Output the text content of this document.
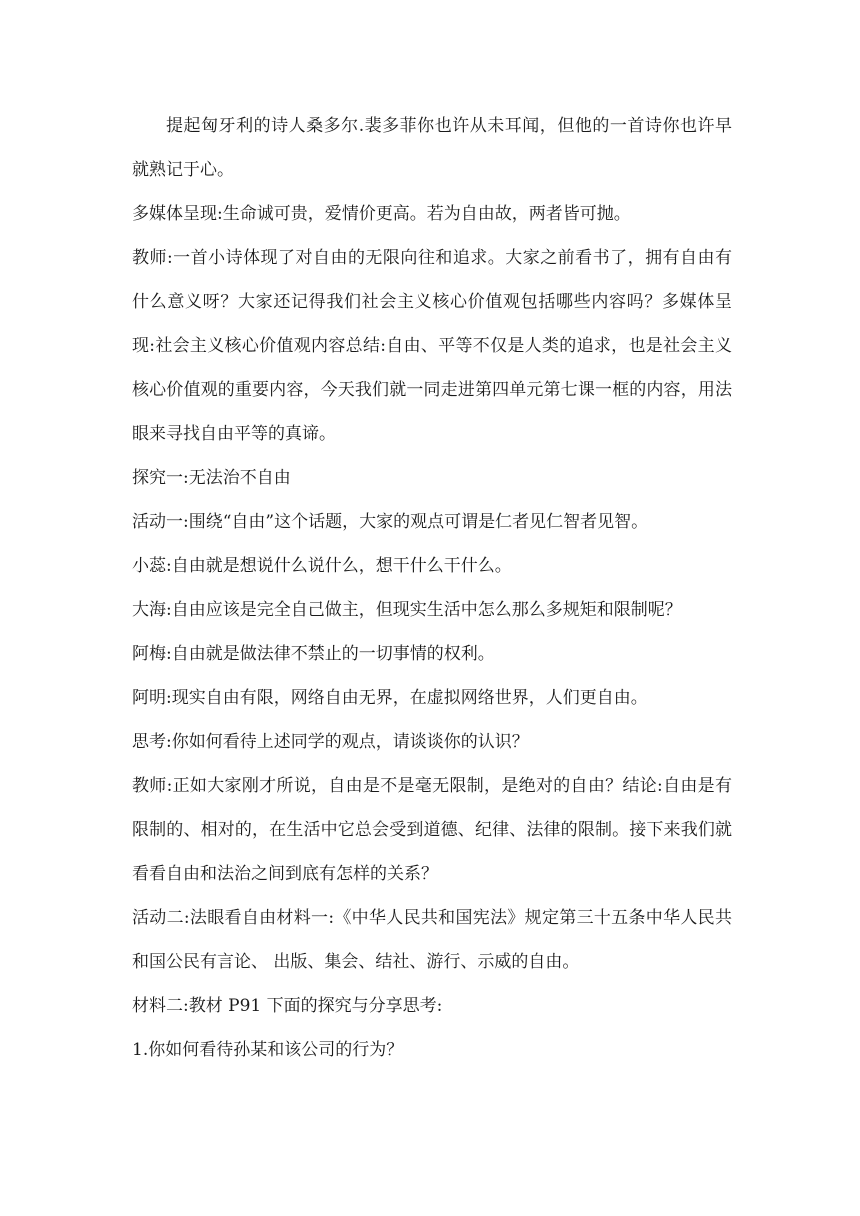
提起匈牙利的诗人桑多尔.裴多菲你也许从未耳闻，但他的一首诗你也许早就熟记于心。

多媒体呈现:生命诚可贵，爱情价更高。若为自由故，两者皆可抛。

教师:一首小诗体现了对自由的无限向往和追求。大家之前看书了，拥有自由有什么意义呀？大家还记得我们社会主义核心价值观包括哪些内容吗？多媒体呈现:社会主义核心价值观内容总结:自由、平等不仅是人类的追求，也是社会主义核心价值观的重要内容，今天我们就一同走进第四单元第七课一框的内容，用法眼来寻找自由平等的真谛。

探究一:无法治不自由

活动一:围绕“自由”这个话题，大家的观点可谓是仁者见仁智者见智。

小蕊:自由就是想说什么说什么，想干什么干什么。

大海:自由应该是完全自己做主，但现实生活中怎么那么多规矩和限制呢？

阿梅:自由就是做法律不禁止的一切事情的权利。

阿明:现实自由有限，网络自由无界，在虚拟网络世界，人们更自由。

思考:你如何看待上述同学的观点，请谈谈你的认识？

教师:正如大家刚才所说，自由是不是毫无限制，是绝对的自由？结论:自由是有限制的、相对的，在生活中它总会受到道德、纪律、法律的限制。接下来我们就看看自由和法治之间到底有怎样的关系？

活动二:法眼看自由材料一:《中华人民共和国宪法》规定第三十五条中华人民共和国公民有言论、 出版、集会、结社、游行、示威的自由。

材料二:教材 P91 下面的探究与分享思考:

1.你如何看待孙某和该公司的行为？
